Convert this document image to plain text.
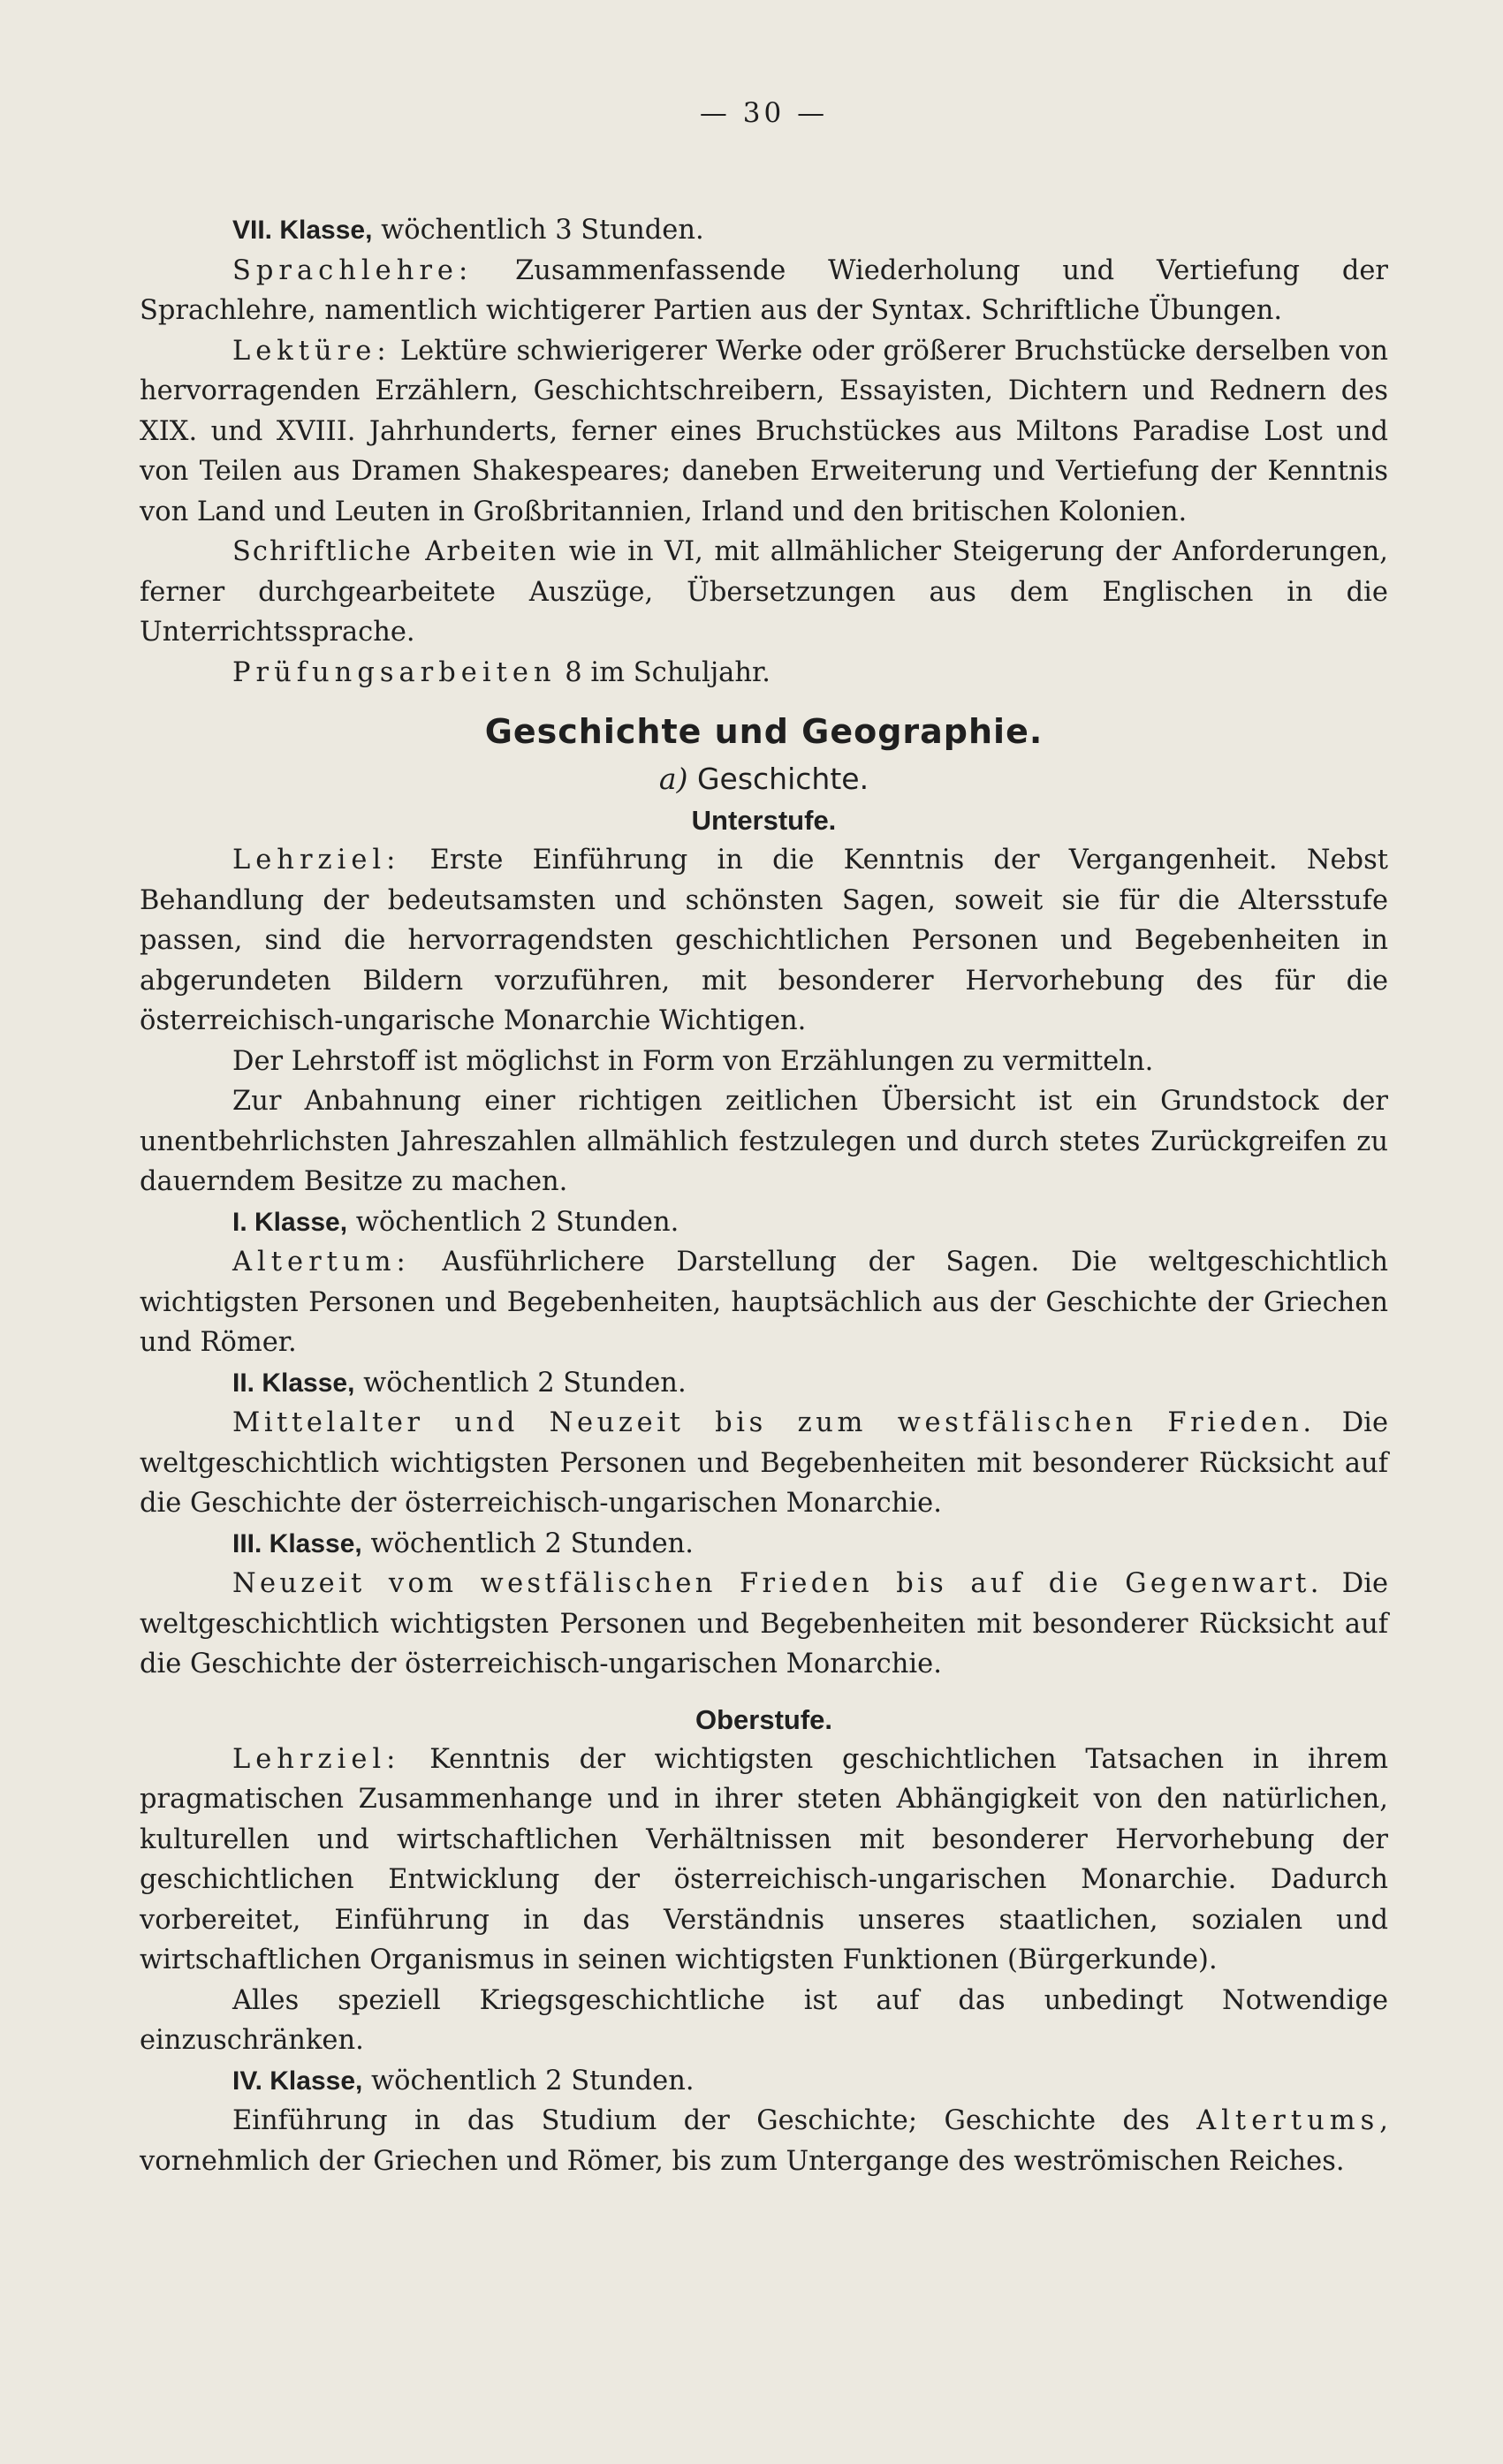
— 30 —

VII. Klasse, wöchentlich 3 Stunden.

Sprachlehre: Zusammenfassende Wiederholung und Vertiefung der Sprachlehre, namentlich wichtigerer Partien aus der Syntax. Schriftliche Übungen.

Lektüre: Lektüre schwierigerer Werke oder größerer Bruchstücke derselben von hervorragenden Erzählern, Geschichtschreibern, Essayisten, Dichtern und Rednern des XIX. und XVIII. Jahrhunderts, ferner eines Bruchstückes aus Miltons Paradise Lost und von Teilen aus Dramen Shakespeares; daneben Erweiterung und Vertiefung der Kenntnis von Land und Leuten in Großbritannien, Irland und den britischen Kolonien.

Schriftliche Arbeiten wie in VI, mit allmählicher Steigerung der Anforderungen, ferner durchgearbeitete Auszüge, Übersetzungen aus dem Englischen in die Unterrichtssprache.

Prüfungsarbeiten 8 im Schuljahr.

Geschichte und Geographie.
a) Geschichte.
Unterstufe.

Lehrziel: Erste Einführung in die Kenntnis der Vergangenheit. Nebst Behandlung der bedeutsamsten und schönsten Sagen, soweit sie für die Altersstufe passen, sind die hervorragendsten geschichtlichen Personen und Begebenheiten in abgerundeten Bildern vorzuführen, mit besonderer Hervorhebung des für die österreichisch-ungarische Monarchie Wichtigen.

Der Lehrstoff ist möglichst in Form von Erzählungen zu vermitteln.

Zur Anbahnung einer richtigen zeitlichen Übersicht ist ein Grundstock der unentbehrlichsten Jahreszahlen allmählich festzulegen und durch stetes Zurückgreifen zu dauerndem Besitze zu machen.

I. Klasse, wöchentlich 2 Stunden.

Altertum: Ausführlichere Darstellung der Sagen. Die weltgeschichtlich wichtigsten Personen und Begebenheiten, hauptsächlich aus der Geschichte der Griechen und Römer.

II. Klasse, wöchentlich 2 Stunden.

Mittelalter und Neuzeit bis zum westfälischen Frieden. Die weltgeschichtlich wichtigsten Personen und Begebenheiten mit besonderer Rücksicht auf die Geschichte der österreichisch-ungarischen Monarchie.

III. Klasse, wöchentlich 2 Stunden.

Neuzeit vom westfälischen Frieden bis auf die Gegenwart. Die weltgeschichtlich wichtigsten Personen und Begebenheiten mit besonderer Rücksicht auf die Geschichte der österreichisch-ungarischen Monarchie.

Oberstufe.

Lehrziel: Kenntnis der wichtigsten geschichtlichen Tatsachen in ihrem pragmatischen Zusammenhange und in ihrer steten Abhängigkeit von den natürlichen, kulturellen und wirtschaftlichen Verhältnissen mit besonderer Hervorhebung der geschichtlichen Entwicklung der österreichisch-ungarischen Monarchie. Dadurch vorbereitet, Einführung in das Verständnis unseres staatlichen, sozialen und wirtschaftlichen Organismus in seinen wichtigsten Funktionen (Bürgerkunde).

Alles speziell Kriegsgeschichtliche ist auf das unbedingt Notwendige einzuschränken.

IV. Klasse, wöchentlich 2 Stunden.

Einführung in das Studium der Geschichte; Geschichte des Altertums, vornehmlich der Griechen und Römer, bis zum Untergange des weströmischen Reiches.
